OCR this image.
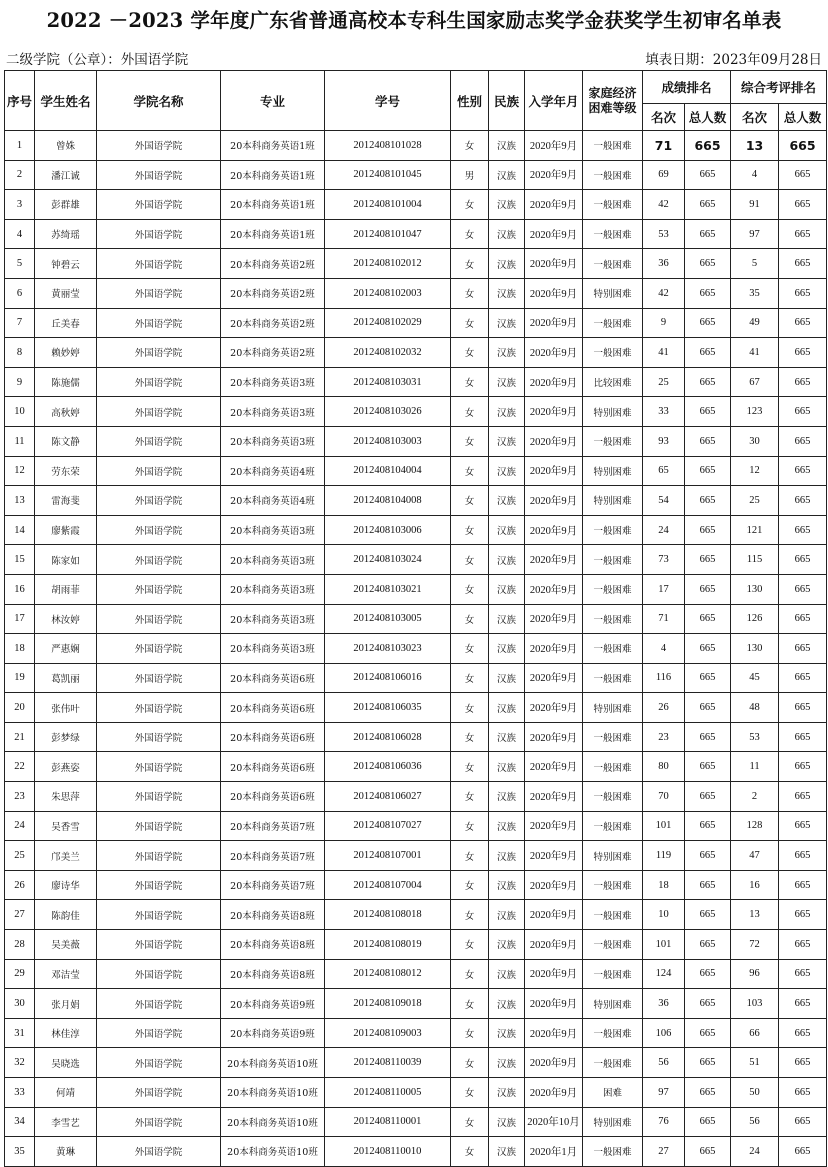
2022 －2023 学年度广东省普通高校本专科生国家励志奖学金获奖学生初审名单表
二级学院（公章）：外国语学院	填表日期：2023年09月28日
序号	学生姓名	学院名称	专业	学号	性别	民族	入学年月	家庭经济困难等级	成绩排名		综合考评排名	
									名次	总人数	名次	总人数
1	曾姝	外国语学院	20本科商务英语1班	2012408101028	女	汉族	2020年9月	一般困难	71	665	13	665
2	潘江诚	外国语学院	20本科商务英语1班	2012408101045	男	汉族	2020年9月	一般困难	69	665	4	665
3	彭群雄	外国语学院	20本科商务英语1班	2012408101004	女	汉族	2020年9月	一般困难	42	665	91	665
4	苏绮瑶	外国语学院	20本科商务英语1班	2012408101047	女	汉族	2020年9月	一般困难	53	665	97	665
5	钟碧云	外国语学院	20本科商务英语2班	2012408102012	女	汉族	2020年9月	一般困难	36	665	5	665
6	黄丽莹	外国语学院	20本科商务英语2班	2012408102003	女	汉族	2020年9月	特别困难	42	665	35	665
7	丘美春	外国语学院	20本科商务英语2班	2012408102029	女	汉族	2020年9月	一般困难	9	665	49	665
8	赖妙婷	外国语学院	20本科商务英语2班	2012408102032	女	汉族	2020年9月	一般困难	41	665	41	665
9	陈施儒	外国语学院	20本科商务英语3班	2012408103031	女	汉族	2020年9月	比较困难	25	665	67	665
10	高秋婷	外国语学院	20本科商务英语3班	2012408103026	女	汉族	2020年9月	特别困难	33	665	123	665
11	陈文静	外国语学院	20本科商务英语3班	2012408103003	女	汉族	2020年9月	一般困难	93	665	30	665
12	劳东荣	外国语学院	20本科商务英语4班	2012408104004	女	汉族	2020年9月	特别困难	65	665	12	665
13	雷海斐	外国语学院	20本科商务英语4班	2012408104008	女	汉族	2020年9月	特别困难	54	665	25	665
14	廖紫霞	外国语学院	20本科商务英语3班	2012408103006	女	汉族	2020年9月	一般困难	24	665	121	665
15	陈家如	外国语学院	20本科商务英语3班	2012408103024	女	汉族	2020年9月	一般困难	73	665	115	665
16	胡雨菲	外国语学院	20本科商务英语3班	2012408103021	女	汉族	2020年9月	一般困难	17	665	130	665
17	林汝婷	外国语学院	20本科商务英语3班	2012408103005	女	汉族	2020年9月	一般困难	71	665	126	665
18	严惠娴	外国语学院	20本科商务英语3班	2012408103023	女	汉族	2020年9月	一般困难	4	665	130	665
19	葛凯丽	外国语学院	20本科商务英语6班	2012408106016	女	汉族	2020年9月	一般困难	116	665	45	665
20	张伟叶	外国语学院	20本科商务英语6班	2012408106035	女	汉族	2020年9月	特别困难	26	665	48	665
21	彭梦绿	外国语学院	20本科商务英语6班	2012408106028	女	汉族	2020年9月	一般困难	23	665	53	665
22	彭燕姿	外国语学院	20本科商务英语6班	2012408106036	女	汉族	2020年9月	一般困难	80	665	11	665
23	朱思萍	外国语学院	20本科商务英语6班	2012408106027	女	汉族	2020年9月	一般困难	70	665	2	665
24	吴香雪	外国语学院	20本科商务英语7班	2012408107027	女	汉族	2020年9月	一般困难	101	665	128	665
25	邝美兰	外国语学院	20本科商务英语7班	2012408107001	女	汉族	2020年9月	特别困难	119	665	47	665
26	廖诗华	外国语学院	20本科商务英语7班	2012408107004	女	汉族	2020年9月	一般困难	18	665	16	665
27	陈韵佳	外国语学院	20本科商务英语8班	2012408108018	女	汉族	2020年9月	一般困难	10	665	13	665
28	吴美薇	外国语学院	20本科商务英语8班	2012408108019	女	汉族	2020年9月	一般困难	101	665	72	665
29	邓洁莹	外国语学院	20本科商务英语8班	2012408108012	女	汉族	2020年9月	一般困难	124	665	96	665
30	张月娟	外国语学院	20本科商务英语9班	2012408109018	女	汉族	2020年9月	特别困难	36	665	103	665
31	林佳淳	外国语学院	20本科商务英语9班	2012408109003	女	汉族	2020年9月	一般困难	106	665	66	665
32	吴晓选	外国语学院	20本科商务英语10班	2012408110039	女	汉族	2020年9月	一般困难	56	665	51	665
33	何靖	外国语学院	20本科商务英语10班	2012408110005	女	汉族	2020年9月	困难	97	665	50	665
34	李雪艺	外国语学院	20本科商务英语10班	2012408110001	女	汉族	2020年10月	特别困难	76	665	56	665
35	黄琳	外国语学院	20本科商务英语10班	2012408110010	女	汉族	2020年1月	一般困难	27	665	24	665
